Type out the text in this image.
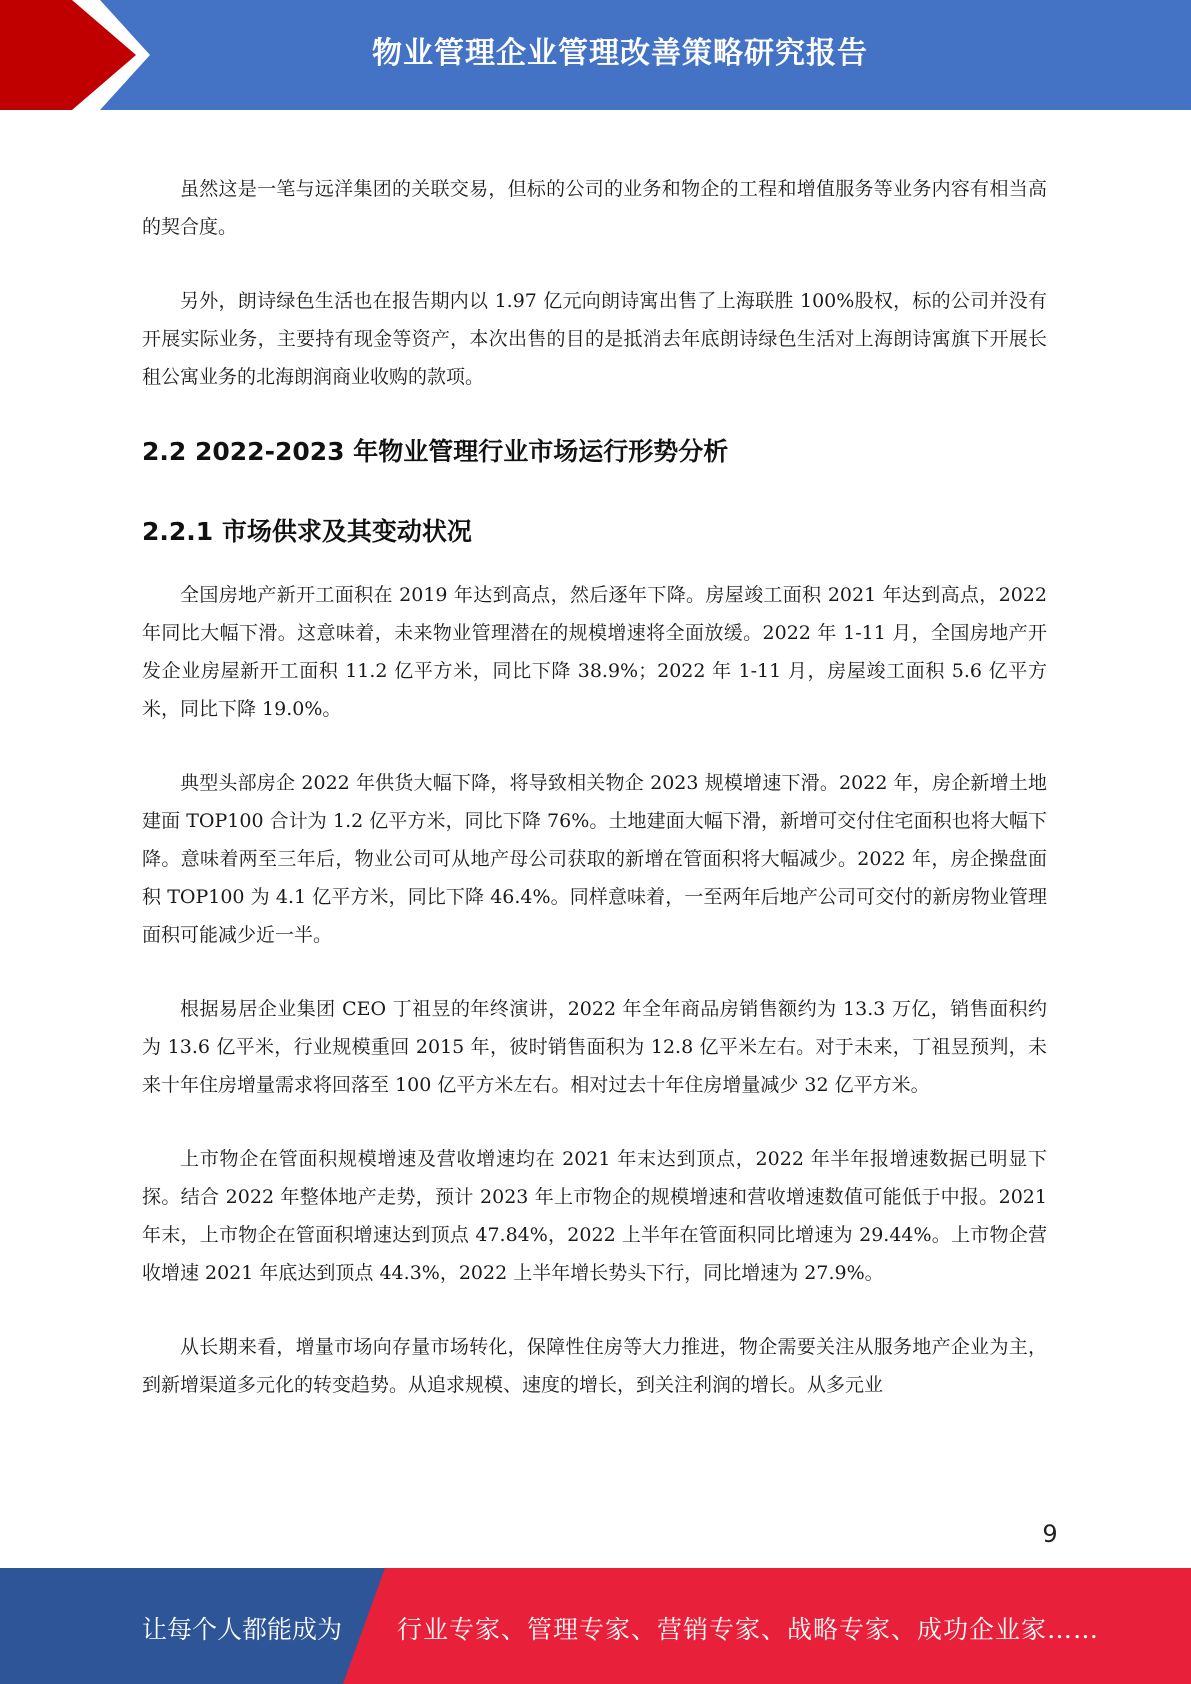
物业管理企业管理改善策略研究报告

虽然这是一笔与远洋集团的关联交易，但标的公司的业务和物企的工程和增值服务等业务内容有相当高的契合度。

另外，朗诗绿色生活也在报告期内以 1.97 亿元向朗诗寓出售了上海联胜 100%股权，标的公司并没有开展实际业务，主要持有现金等资产，本次出售的目的是抵消去年底朗诗绿色生活对上海朗诗寓旗下开展长租公寓业务的北海朗润商业收购的款项。

2.2 2022-2023 年物业管理行业市场运行形势分析
2.2.1 市场供求及其变动状况

全国房地产新开工面积在 2019 年达到高点，然后逐年下降。房屋竣工面积 2021 年达到高点，2022 年同比大幅下滑。这意味着，未来物业管理潜在的规模增速将全面放缓。2022 年 1-11 月，全国房地产开发企业房屋新开工面积 11.2 亿平方米，同比下降 38.9%；2022 年 1-11 月，房屋竣工面积 5.6 亿平方米，同比下降 19.0%。

典型头部房企 2022 年供货大幅下降，将导致相关物企 2023 规模增速下滑。2022 年，房企新增土地建面 TOP100 合计为 1.2 亿平方米，同比下降 76%。土地建面大幅下滑，新增可交付住宅面积也将大幅下降。意味着两至三年后，物业公司可从地产母公司获取的新增在管面积将大幅减少。2022 年，房企操盘面积 TOP100 为 4.1 亿平方米，同比下降 46.4%。同样意味着，一至两年后地产公司可交付的新房物业管理面积可能减少近一半。

根据易居企业集团 CEO 丁祖昱的年终演讲，2022 年全年商品房销售额约为 13.3 万亿，销售面积约为 13.6 亿平米，行业规模重回 2015 年，彼时销售面积为 12.8 亿平米左右。对于未来，丁祖昱预判，未来十年住房增量需求将回落至 100 亿平方米左右。相对过去十年住房增量减少 32 亿平方米。

上市物企在管面积规模增速及营收增速均在 2021 年末达到顶点，2022 年半年报增速数据已明显下探。结合 2022 年整体地产走势，预计 2023 年上市物企的规模增速和营收增速数值可能低于中报。2021 年末，上市物企在管面积增速达到顶点 47.84%，2022 上半年在管面积同比增速为 29.44%。上市物企营收增速 2021 年底达到顶点 44.3%，2022 上半年增长势头下行，同比增速为 27.9%。

从长期来看，增量市场向存量市场转化，保障性住房等大力推进，物企需要关注从服务地产企业为主，到新增渠道多元化的转变趋势。从追求规模、速度的增长，到关注利润的增长。从多元业

9
让每个人都能成为 行业专家、管理专家、营销专家、战略专家、成功企业家……
